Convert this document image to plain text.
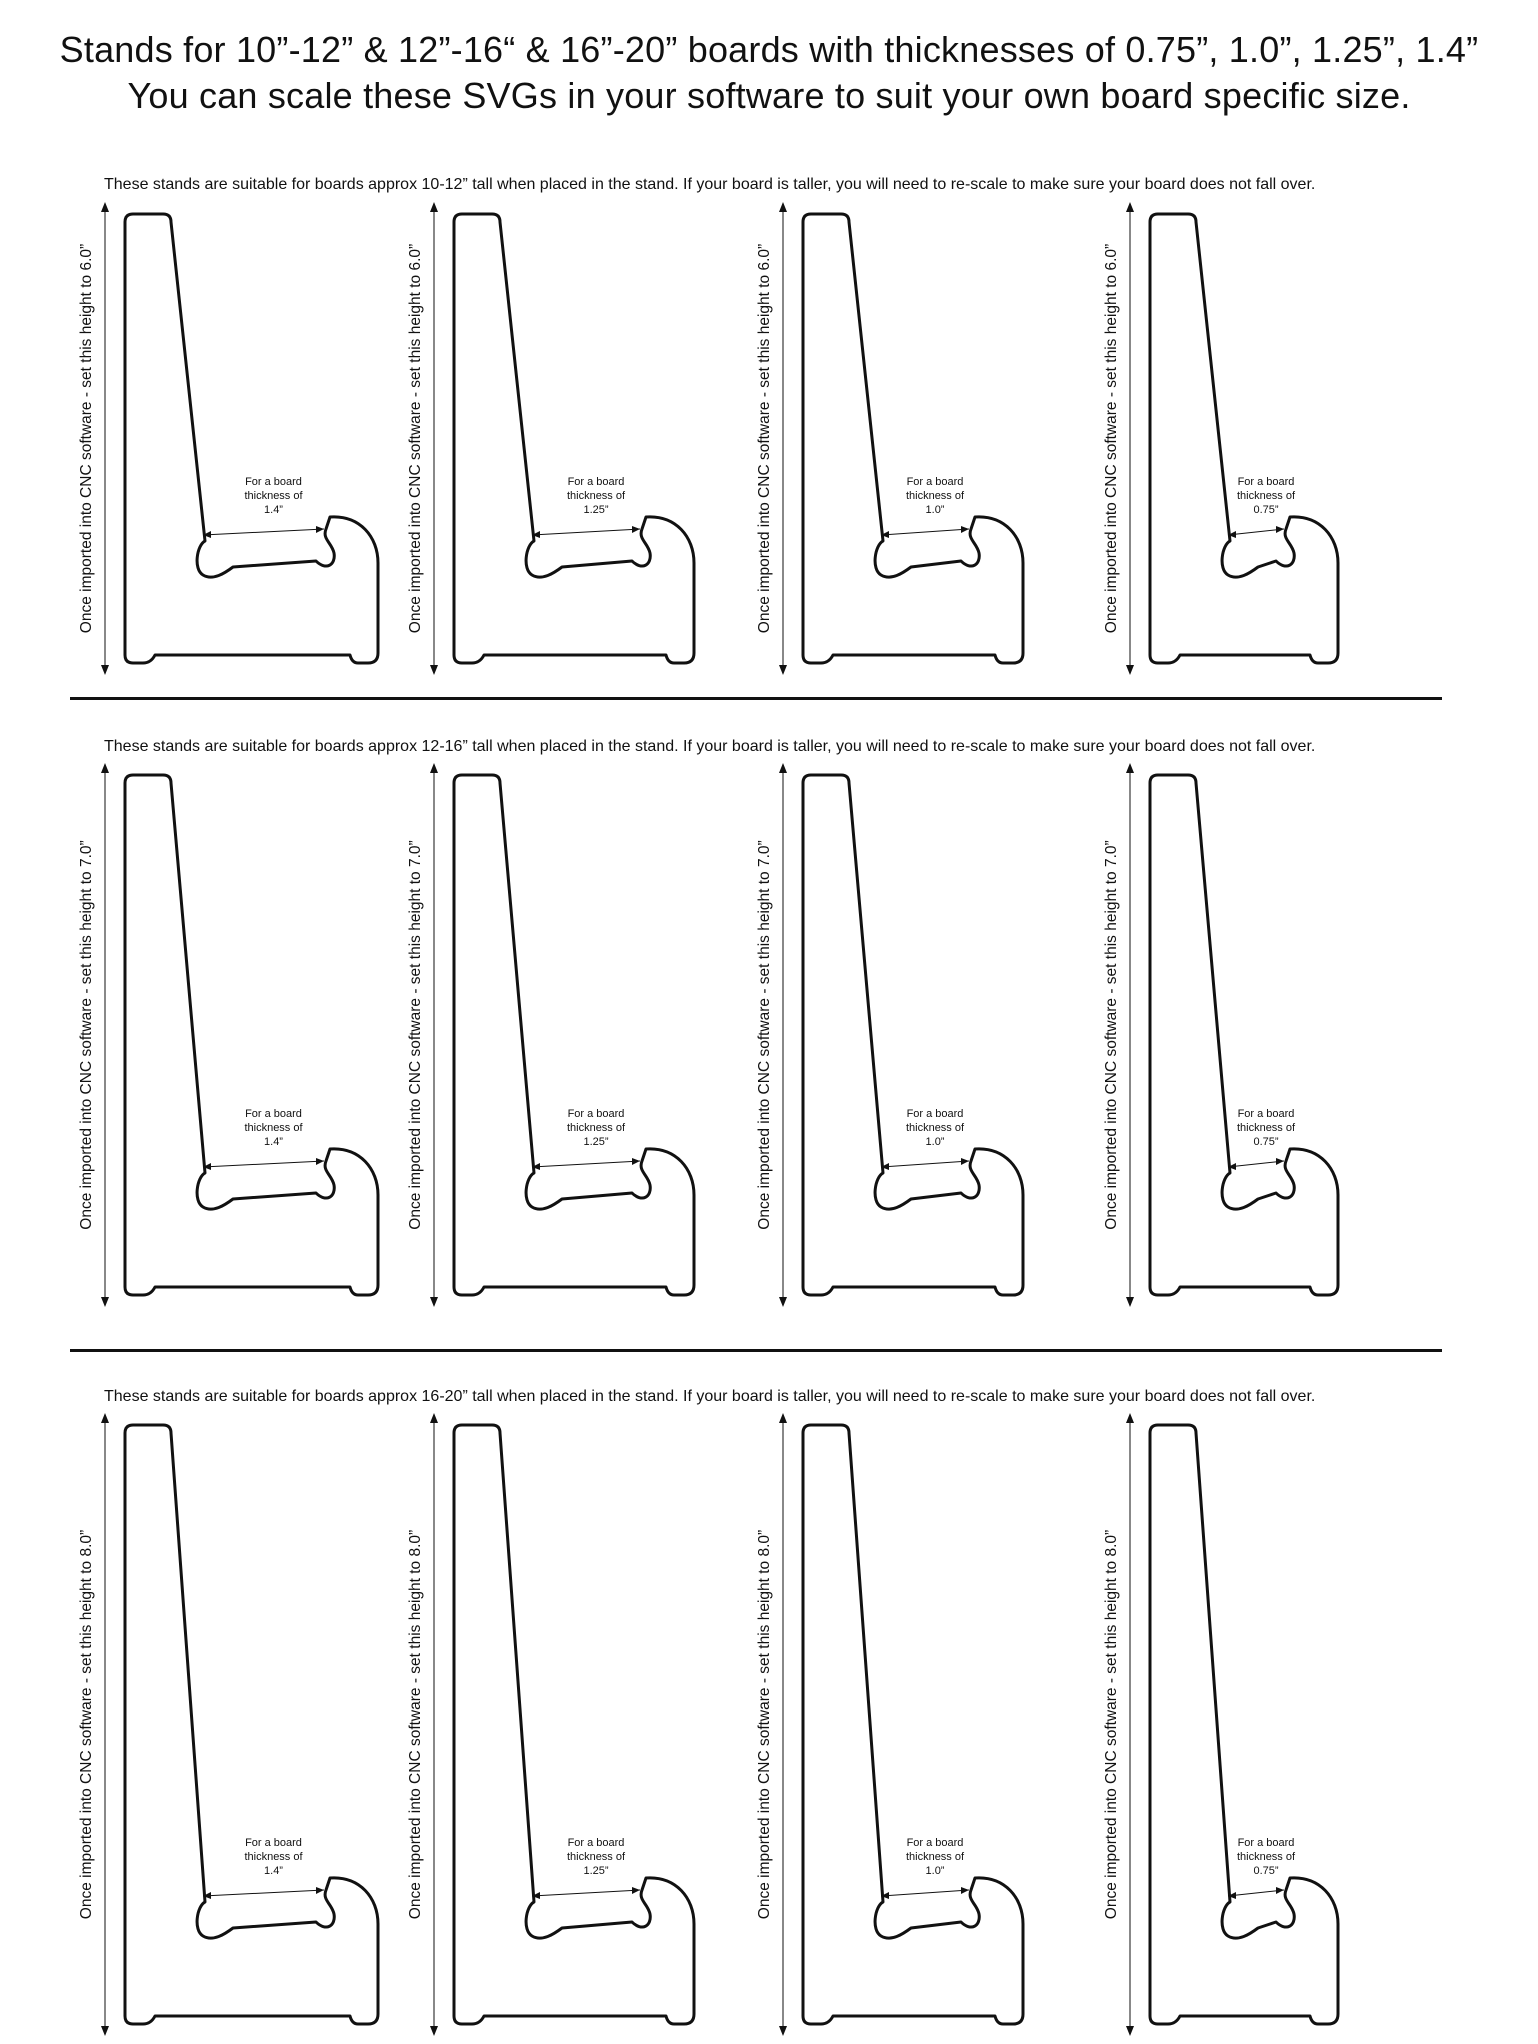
Stands for 10”-12” & 12”-16“ & 16”-20” boards with thicknesses of 0.75”, 1.0”, 1.25”, 1.4”
You can scale these SVGs in your software to suit your own board specific size.
These stands are suitable for boards approx 10-12” tall when placed in the stand. If your board is taller, you will need to re-scale to make sure your board does not fall over.
These stands are suitable for boards approx 12-16” tall when placed in the stand. If your board is taller, you will need to re-scale to make sure your board does not fall over.
These stands are suitable for boards approx 16-20” tall when placed in the stand. If your board is taller, you will need to re-scale to make sure your board does not fall over.
Once imported into CNC software - set this height to 6.0”	For a board
thickness of
1.4”	Once imported into CNC software - set this height to 6.0”	For a board
thickness of
1.25”	Once imported into CNC software - set this height to 6.0”	For a board
thickness of
1.0”	Once imported into CNC software - set this height to 6.0”	For a board
thickness of
0.75”
Once imported into CNC software - set this height to 7.0”	For a board
thickness of
1.4”	Once imported into CNC software - set this height to 7.0”	For a board
thickness of
1.25”	Once imported into CNC software - set this height to 7.0”	For a board
thickness of
1.0”	Once imported into CNC software - set this height to 7.0”	For a board
thickness of
0.75”
Once imported into CNC software - set this height to 8.0”	For a board
thickness of
1.4”	Once imported into CNC software - set this height to 8.0”	For a board
thickness of
1.25”	Once imported into CNC software - set this height to 8.0”	For a board
thickness of
1.0”	Once imported into CNC software - set this height to 8.0”	For a board
thickness of
0.75”
